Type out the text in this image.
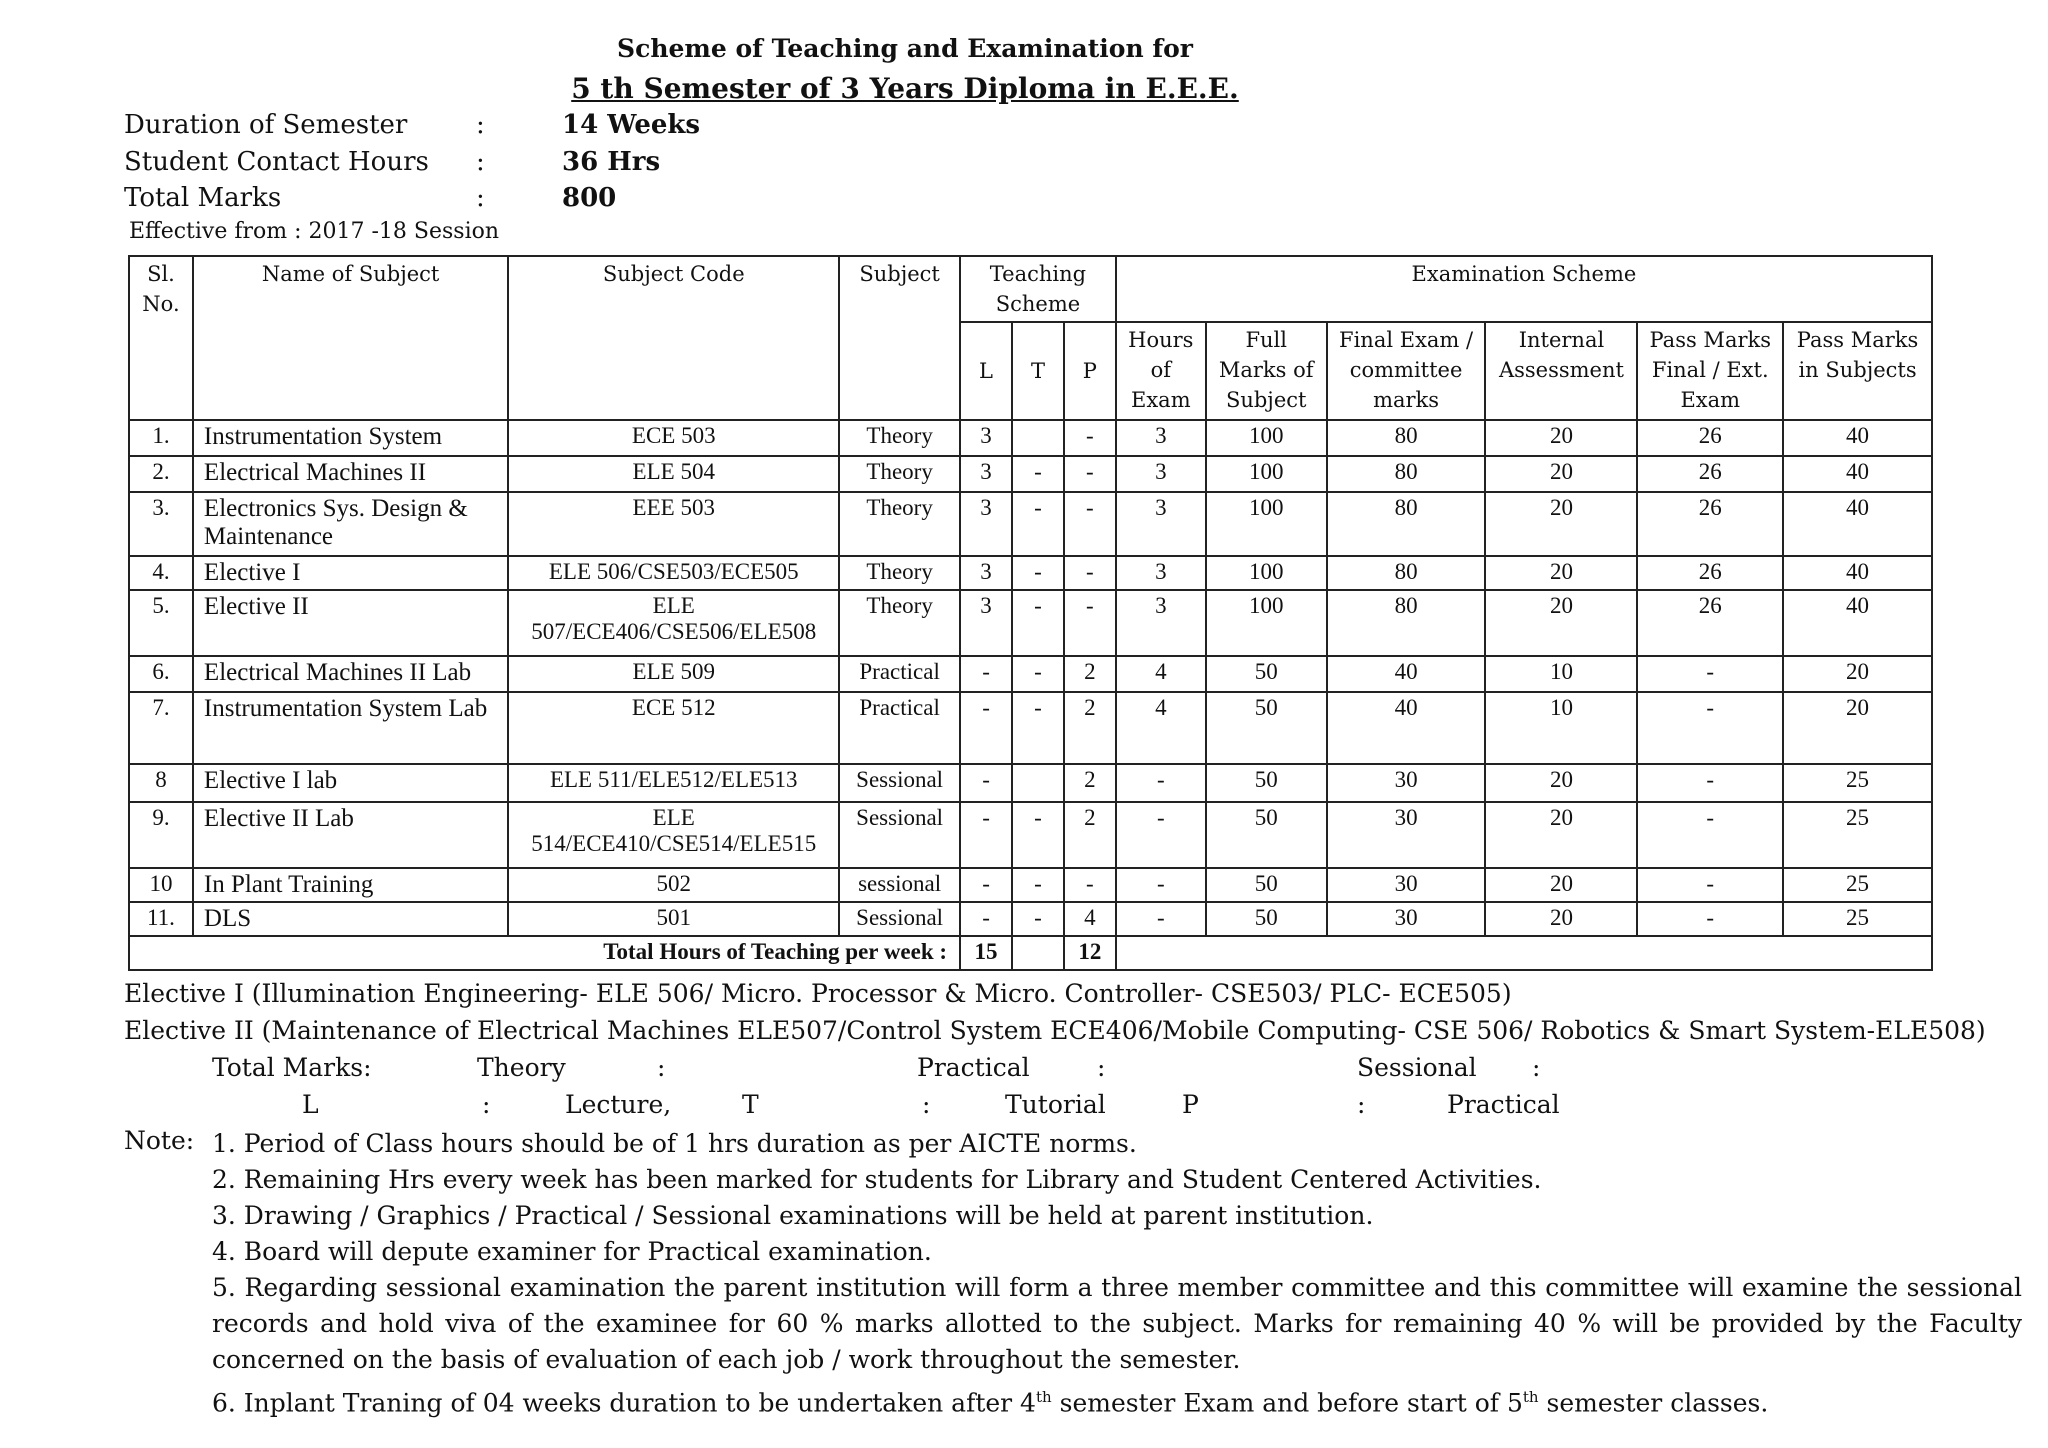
Scheme of Teaching and Examination for
5 th Semester of 3 Years Diploma in E.E.E.
Duration of Semester	:	14 Weeks
Student Contact Hours :	36 Hrs
Total Marks	:	800
Effective from : 2017 -18 Session
Sl. No.	Name of Subject	Subject Code	Subject	Teaching Scheme			Examination Scheme					
				L	T	P	Hours of Exam	Full Marks of Subject	Final Exam / committee marks	Internal Assessment	Pass Marks Final / Ext. Exam	Pass Marks in Subjects
1.	Instrumentation System	ECE 503	Theory	3		-	3	100	80	20	26	40
2.	Electrical Machines II	ELE 504	Theory	3	-	-	3	100	80	20	26	40
3.	Electronics Sys. Design & Maintenance	EEE 503	Theory	3	-	-	3	100	80	20	26	40
4.	Elective I	ELE 506/CSE503/ECE505	Theory	3	-	-	3	100	80	20	26	40
5.	Elective II	ELE 507/ECE406/CSE506/ELE508	Theory	3	-	-	3	100	80	20	26	40
6.	Electrical Machines II Lab	ELE 509	Practical	-	-	2	4	50	40	10	-	20
7.	Instrumentation System Lab	ECE 512	Practical	-	-	2	4	50	40	10	-	20
8	Elective I lab	ELE 511/ELE512/ELE513	Sessional	-		2	-	50	30	20	-	25
9.	Elective II Lab	ELE 514/ECE410/CSE514/ELE515	Sessional	-	-	2	-	50	30	20	-	25
10	In Plant Training	502	sessional	-	-	-	-	50	30	20	-	25
11.	DLS	501	Sessional	-	-	4	-	50	30	20	-	25
Total Hours of Teaching per week :				15		12						
Elective I (Illumination Engineering- ELE 506/ Micro. Processor & Micro. Controller- CSE503/ PLC- ECE505)
Elective II (Maintenance of Electrical Machines ELE507/Control System ECE406/Mobile Computing- CSE 506/ Robotics & Smart System-ELE508)
Total Marks:	Theory	:	Practical	:	Sessional :
L	:	Lecture,	T	:	Tutorial	P	:	Practical
Note: 1. Period of Class hours should be of 1 hrs duration as per AICTE norms.
2. Remaining Hrs every week has been marked for students for Library and Student Centered Activities.
3. Drawing / Graphics / Practical / Sessional examinations will be held at parent institution.
4. Board will depute examiner for Practical examination.
5. Regarding sessional examination the parent institution will form a three member committee and this committee will examine the sessional records and hold viva of the examinee for 60 % marks allotted to the subject. Marks for remaining 40 % will be provided by the Faculty concerned on the basis of evaluation of each job / work throughout the semester.
6. Inplant Traning of 04 weeks duration to be undertaken after 4th semester Exam and before start of 5th semester classes.
